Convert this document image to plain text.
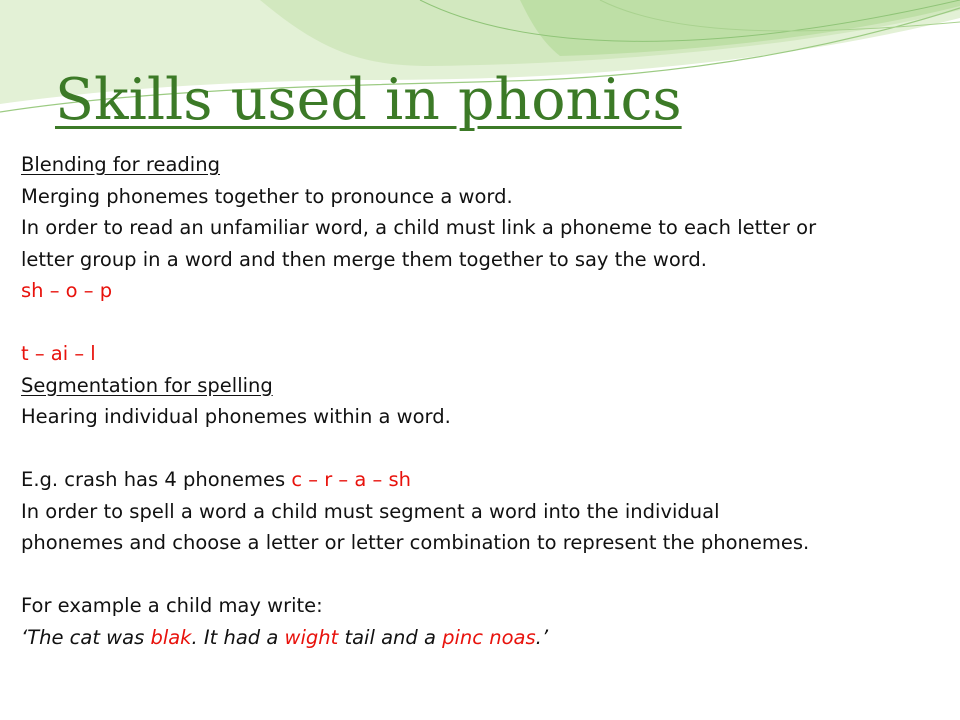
Skills used in phonics
Blending for reading
Merging phonemes together to pronounce a word.
In order to read an unfamiliar word, a child must link a phoneme to each letter or
letter group in a word and then merge them together to say the word.
sh – o – p
t – ai – l
Segmentation for spelling
Hearing individual phonemes within a word.
E.g. crash has 4 phonemes c – r – a – sh
In order to spell a word a child must segment a word into the individual
phonemes and choose a letter or letter combination to represent the phonemes.
For example a child may write:
‘The cat was blak. It had a wight tail and a pinc noas.’
